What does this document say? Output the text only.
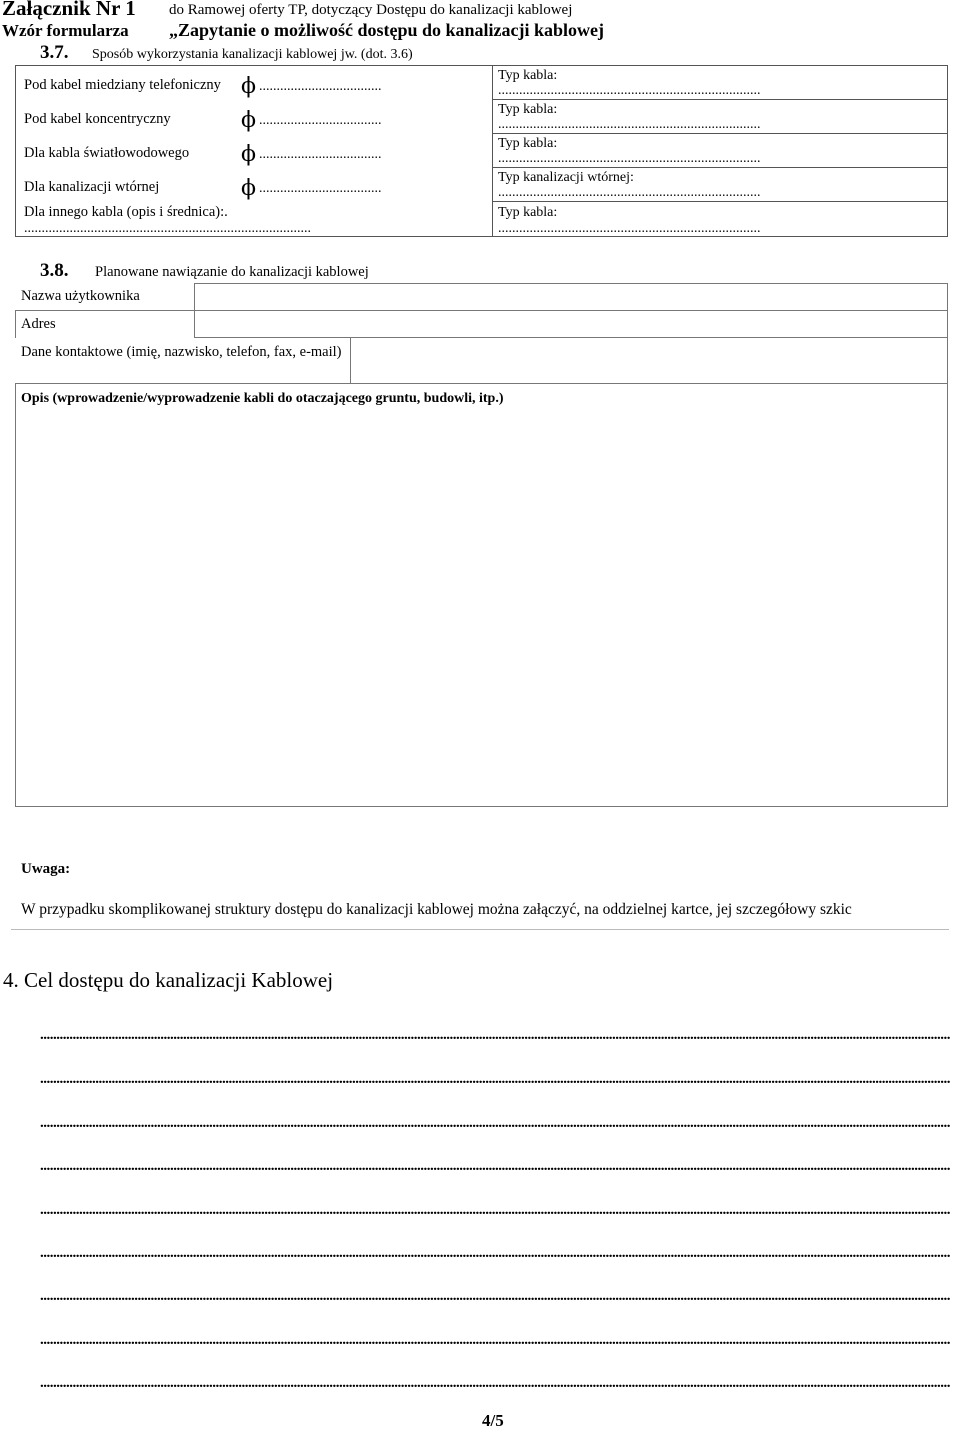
Załącznik Nr 1
Wzór formularza
do Ramowej oferty TP, dotyczący Dostępu do kanalizacji kablowej
„Zapytanie o możliwość dostępu do kanalizacji kablowej
3.7. Sposób wykorzystania kanalizacji kablowej jw. (dot. 3.6)
Pod kabel miedziany telefoniczny ϕ ...................................
Pod kabel koncentryczny	ϕ ...................................
Dla kabla światłowodowego ϕ ...................................
Dla kanalizacji wtórnej	ϕ ...................................
Dla innego kabla (opis i średnica):.
..................................................................................
Typ kabla:
...........................................................................
Typ kabla:
...........................................................................
Typ kabla:
...........................................................................
Typ kanalizacji wtórnej:
...........................................................................
Typ kabla:
...........................................................................
3.8. Planowane nawiązanie do kanalizacji kablowej
Nazwa użytkownika
Adres
Dane kontaktowe (imię, nazwisko, telefon, fax, e-mail)
Opis (wprowadzenie/wyprowadzenie kabli do otaczającego gruntu, budowli, itp.)
Uwaga:
W przypadku skomplikowanej struktury dostępu do kanalizacji kablowej można załączyć, na oddzielnej kartce, jej szczegółowy szkic
4. Cel dostępu do kanalizacji Kablowej
........................................................................................................................................................................................................................................................................................
........................................................................................................................................................................................................................................................................................
........................................................................................................................................................................................................................................................................................
........................................................................................................................................................................................................................................................................................
........................................................................................................................................................................................................................................................................................
........................................................................................................................................................................................................................................................................................
........................................................................................................................................................................................................................................................................................
........................................................................................................................................................................................................................................................................................
........................................................................................................................................................................................................................................................................................
4/5
